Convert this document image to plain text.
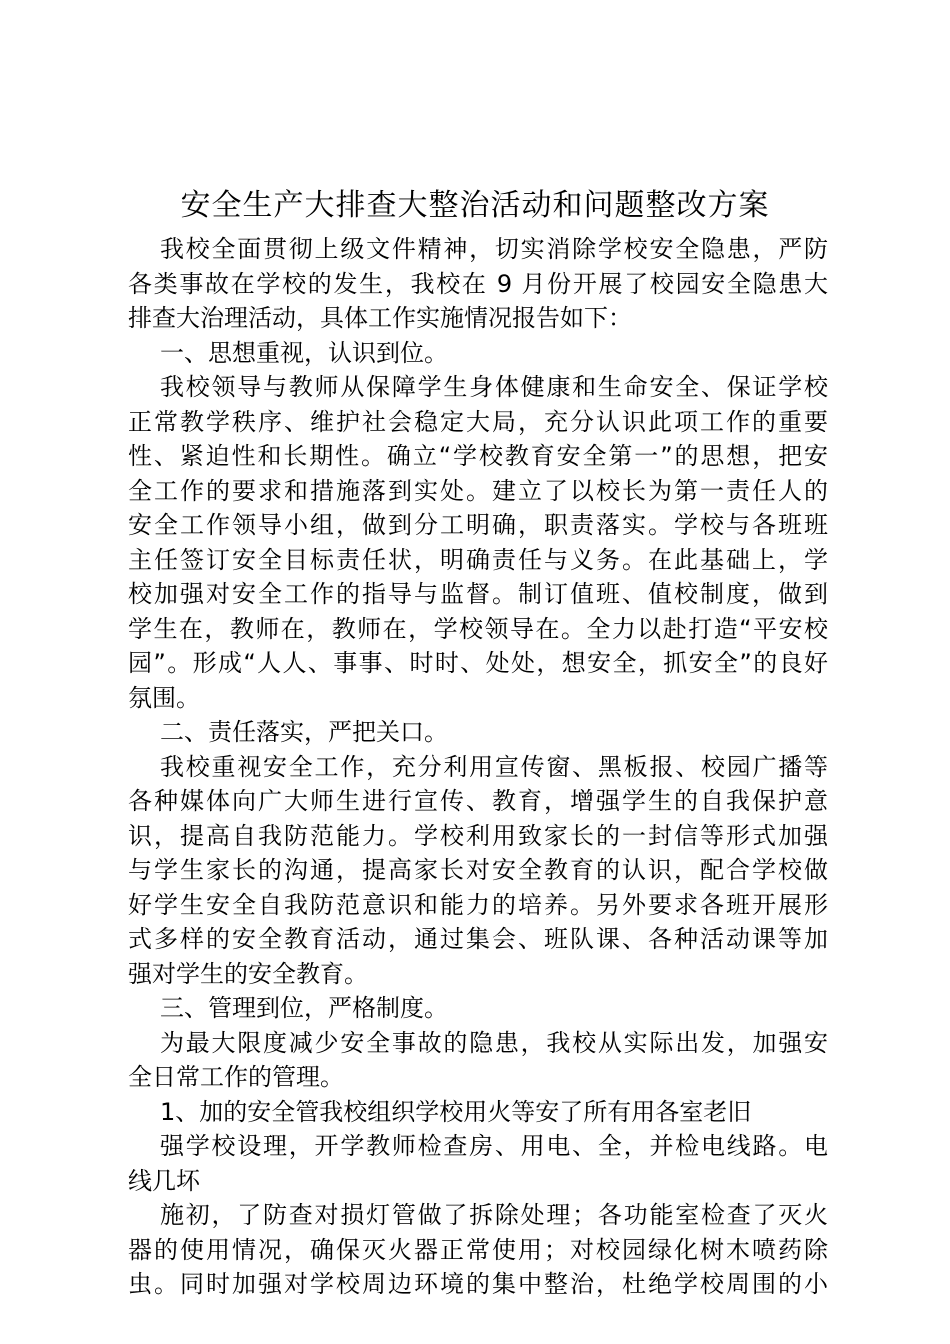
安全生产大排查大整治活动和问题整改方案
我校全面贯彻上级文件精神，切实消除学校安全隐患，严防
各类事故在学校的发生，我校在 9 月份开展了校园安全隐患大
排查大治理活动，具体工作实施情况报告如下：
一、思想重视，认识到位。
我校领导与教师从保障学生身体健康和生命安全、保证学校
正常教学秩序、维护社会稳定大局，充分认识此项工作的重要
性、紧迫性和长期性。确立“学校教育安全第一”的思想，把安
全工作的要求和措施落到实处。建立了以校长为第一责任人的
安全工作领导小组，做到分工明确，职责落实。学校与各班班
主任签订安全目标责任状，明确责任与义务。在此基础上，学
校加强对安全工作的指导与监督。制订值班、值校制度，做到
学生在，教师在，教师在，学校领导在。全力以赴打造“平安校
园”。形成“人人、事事、时时、处处，想安全，抓安全”的良好
氛围。
二、责任落实，严把关口。
我校重视安全工作，充分利用宣传窗、黑板报、校园广播等
各种媒体向广大师生进行宣传、教育，增强学生的自我保护意
识，提高自我防范能力。学校利用致家长的一封信等形式加强
与学生家长的沟通，提高家长对安全教育的认识，配合学校做
好学生安全自我防范意识和能力的培养。另外要求各班开展形
式多样的安全教育活动，通过集会、班队课、各种活动课等加
强对学生的安全教育。
三、管理到位，严格制度。
为最大限度减少安全事故的隐患，我校从实际出发，加强安
全日常工作的管理。
1、加的安全管我校组织学校用火等安了所有用各室老旧
强学校设理，开学教师检查房、用电、全，并检电线路。电
线几坏
施初，了防查对损灯管做了拆除处理；各功能室检查了灭火
器的使用情况，确保灭火器正常使用；对校园绿化树木喷药除
虫。同时加强对学校周边环境的集中整治，杜绝学校周围的小
